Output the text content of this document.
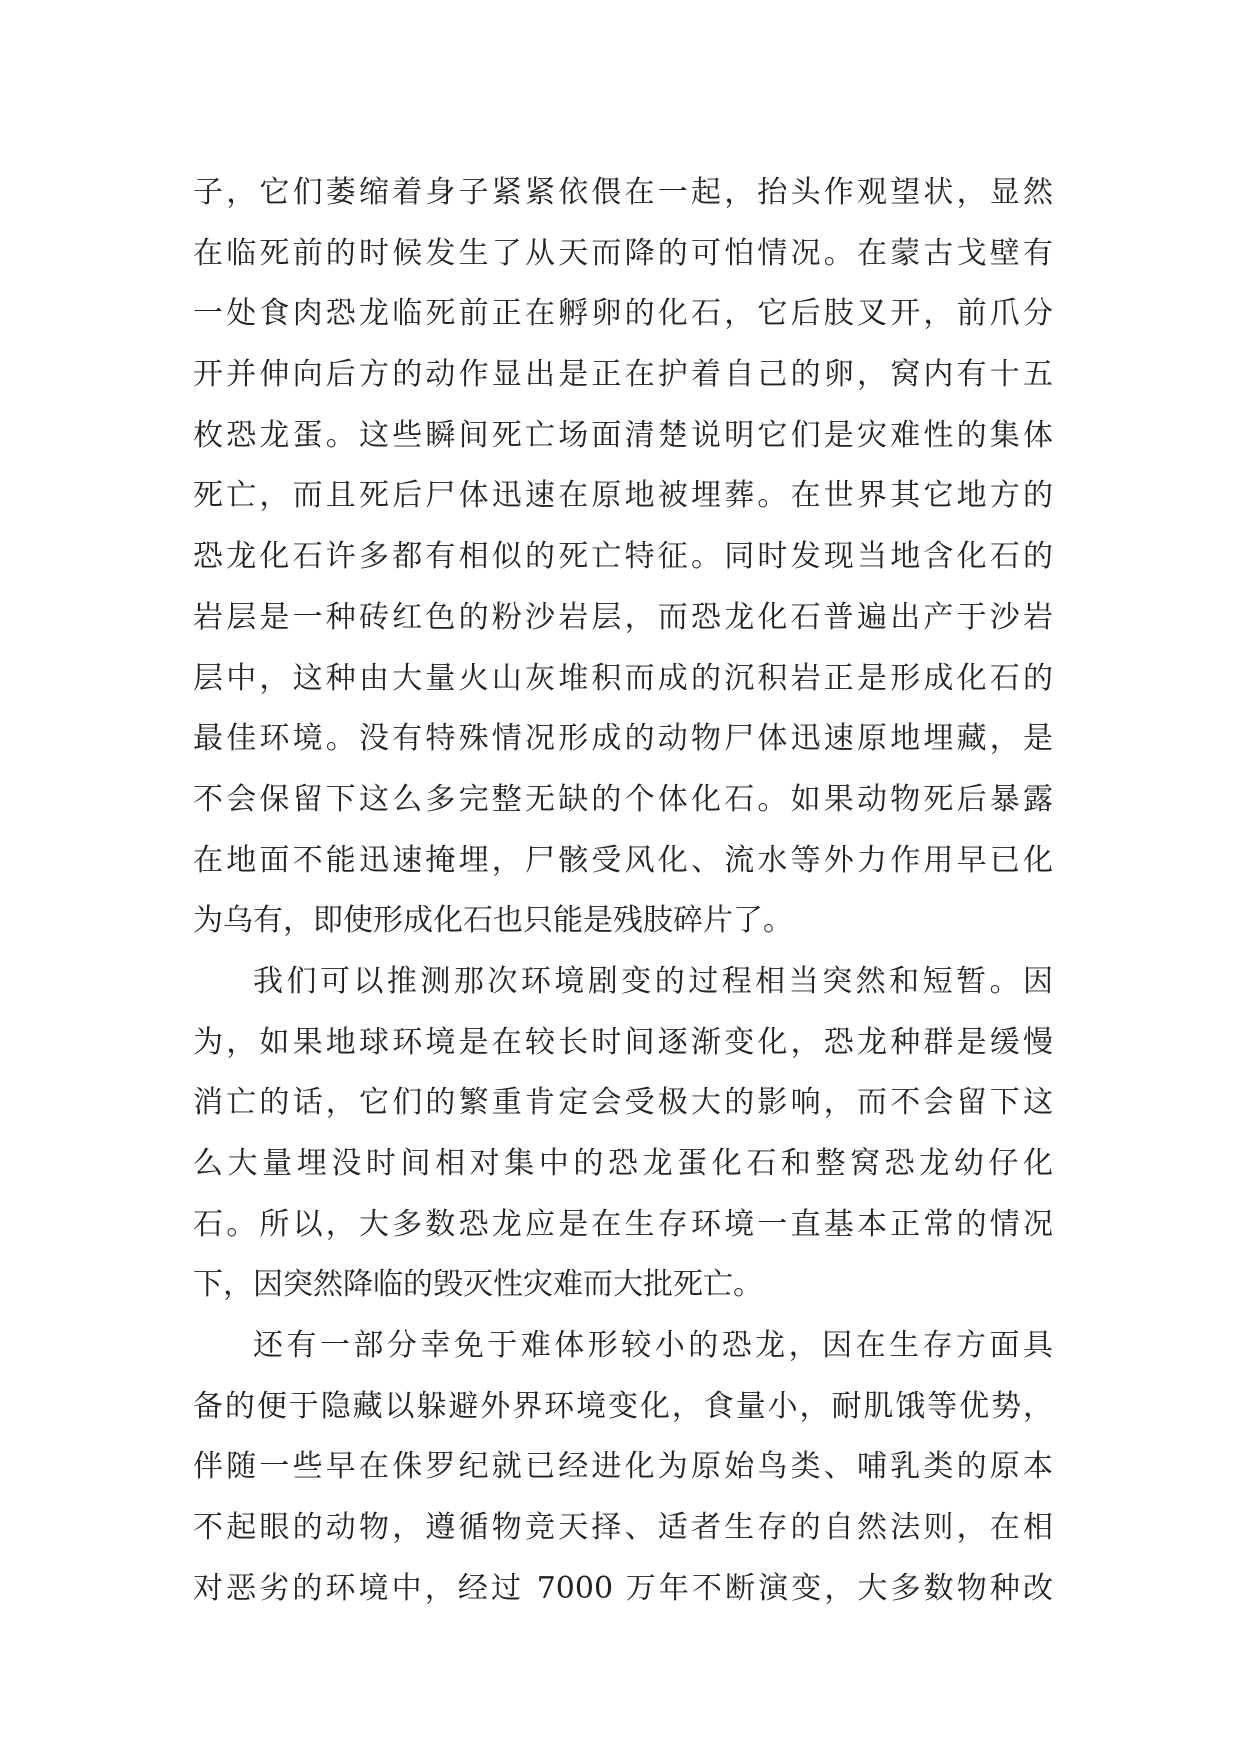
子，它们萎缩着身子紧紧依偎在一起，抬头作观望状，显然
在临死前的时候发生了从天而降的可怕情况。在蒙古戈壁有
一处食肉恐龙临死前正在孵卵的化石，它后肢叉开，前爪分
开并伸向后方的动作显出是正在护着自己的卵，窝内有十五
枚恐龙蛋。这些瞬间死亡场面清楚说明它们是灾难性的集体
死亡，而且死后尸体迅速在原地被埋葬。在世界其它地方的
恐龙化石许多都有相似的死亡特征。同时发现当地含化石的
岩层是一种砖红色的粉沙岩层，而恐龙化石普遍出产于沙岩
层中，这种由大量火山灰堆积而成的沉积岩正是形成化石的
最佳环境。没有特殊情况形成的动物尸体迅速原地埋藏，是
不会保留下这么多完整无缺的个体化石。如果动物死后暴露
在地面不能迅速掩埋，尸骸受风化、流水等外力作用早已化
为乌有，即使形成化石也只能是残肢碎片了。
我们可以推测那次环境剧变的过程相当突然和短暂。因
为，如果地球环境是在较长时间逐渐变化，恐龙种群是缓慢
消亡的话，它们的繁重肯定会受极大的影响，而不会留下这
么大量埋没时间相对集中的恐龙蛋化石和整窝恐龙幼仔化
石。所以，大多数恐龙应是在生存环境一直基本正常的情况
下，因突然降临的毁灭性灾难而大批死亡。
还有一部分幸免于难体形较小的恐龙，因在生存方面具
备的便于隐藏以躲避外界环境变化，食量小，耐肌饿等优势，
伴随一些早在侏罗纪就已经进化为原始鸟类、哺乳类的原本
不起眼的动物，遵循物竞天择、适者生存的自然法则，在相
对恶劣的环境中，经过 7000 万年不断演变，大多数物种改
